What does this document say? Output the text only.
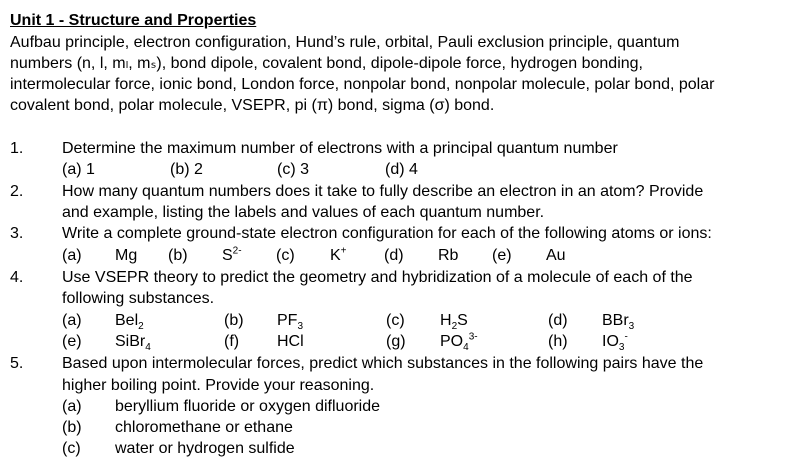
Unit 1 - Structure and Properties
Aufbau principle, electron configuration, Hund’s rule, orbital, Pauli exclusion principle, quantum
numbers (n, l, mₗ, mₛ), bond dipole, covalent bond, dipole-dipole force, hydrogen bonding,
intermolecular force, ionic bond, London force, nonpolar bond, nonpolar molecule, polar bond, polar
covalent bond, polar molecule, VSEPR, pi (π) bond, sigma (σ) bond.
1. Determine the maximum number of electrons with a principal quantum number
(a) 1	(b) 2	(c) 3	(d) 4
2. How many quantum numbers does it take to fully describe an electron in an atom? Provide
and example, listing the labels and values of each quantum number.
3. Write a complete ground-state electron configuration for each of the following atoms or ions:
(a) Mg (b) $S^{2-}$ (c) K+ (d) Rb (e) Au
4. Use VSEPR theory to predict the geometry and hybridization of a molecule of each of the
following substances.
(a) Bel$_2$	(b) $PF_3$	(c) $H_2S$	(d) BBr$_3$
(e) SiBr$_4$	(f) HCl	(g) $PO_4^{3-}$	(h) $IO_3^-$
5. Based upon intermolecular forces, predict which substances in the following pairs have the
higher boiling point. Provide your reasoning.
(a) beryllium fluoride or oxygen difluoride
(b) chloromethane or ethane
(c) water or hydrogen sulfide
